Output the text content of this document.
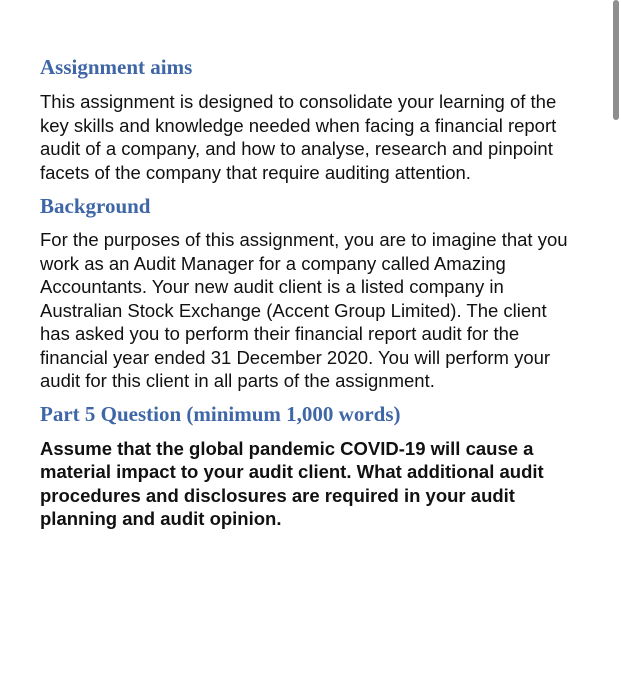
Assignment aims

This assignment is designed to consolidate your learning of the key skills and knowledge needed when facing a financial report audit of a company, and how to analyse, research and pinpoint facets of the company that require auditing attention.

Background

For the purposes of this assignment, you are to imagine that you work as an Audit Manager for a company called Amazing Accountants. Your new audit client is a listed company in Australian Stock Exchange (Accent Group Limited). The client has asked you to perform their financial report audit for the financial year ended 31 December 2020. You will perform your audit for this client in all parts of the assignment.

Part 5 Question (minimum 1,000 words)

Assume that the global pandemic COVID-19 will cause a material impact to your audit client. What additional audit procedures and disclosures are required in your audit planning and audit opinion.
